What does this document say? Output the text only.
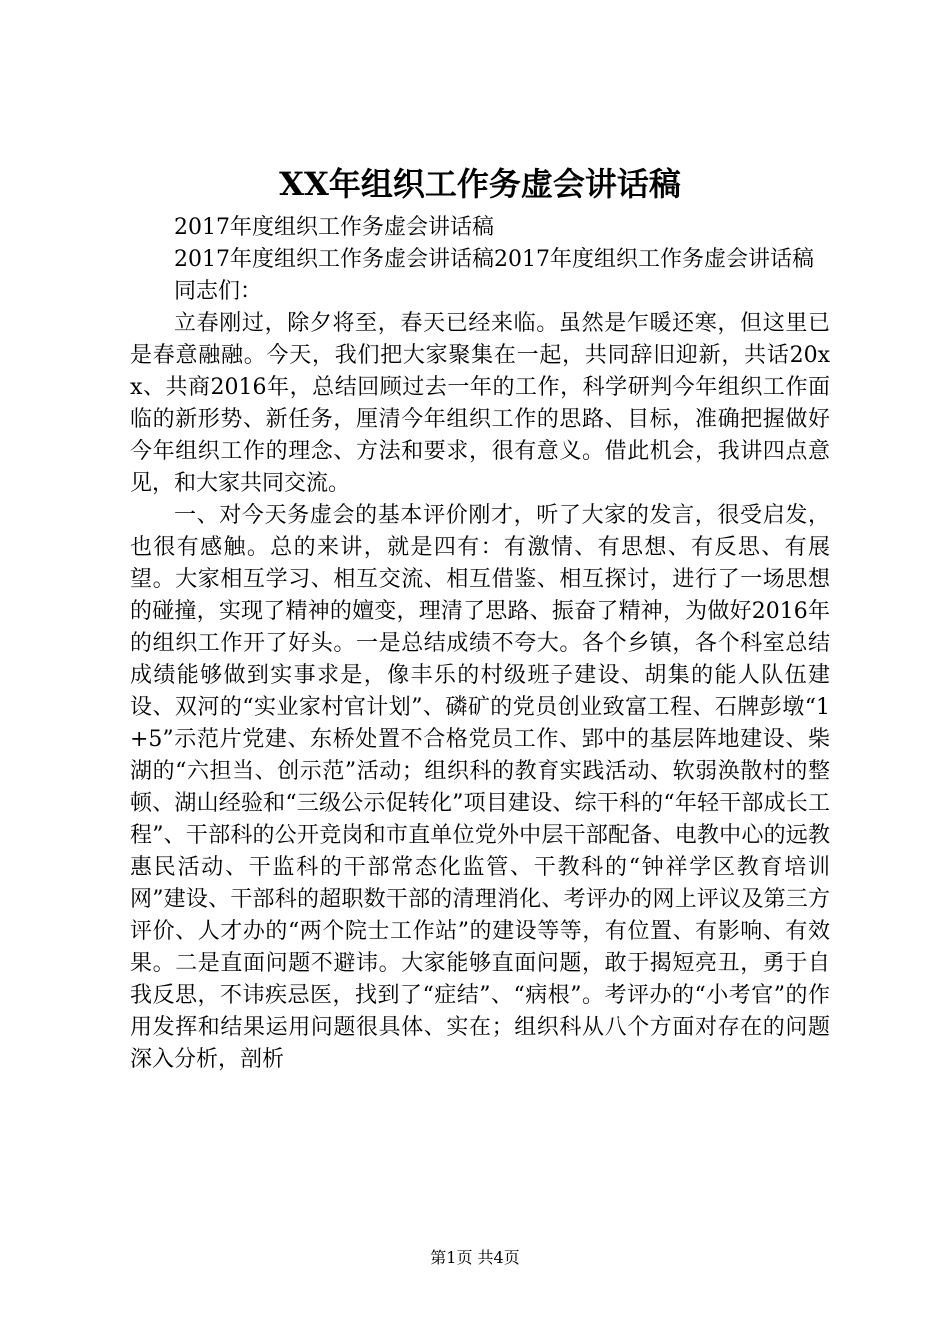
XX年组织工作务虚会讲话稿

2017年度组织工作务虚会讲话稿

2017年度组织工作务虚会讲话稿2017年度组织工作务虚会讲话稿

同志们：

立春刚过，除夕将至，春天已经来临。虽然是乍暖还寒，但这里已是春意融融。今天，我们把大家聚集在一起，共同辞旧迎新，共话20xx、共商2016年，总结回顾过去一年的工作，科学研判今年组织工作面临的新形势、新任务，厘清今年组织工作的思路、目标，准确把握做好今年组织工作的理念、方法和要求，很有意义。借此机会，我讲四点意见，和大家共同交流。

一、对今天务虚会的基本评价刚才，听了大家的发言，很受启发，也很有感触。总的来讲，就是四有：有激情、有思想、有反思、有展望。大家相互学习、相互交流、相互借鉴、相互探讨，进行了一场思想的碰撞，实现了精神的嬗变，理清了思路、振奋了精神，为做好2016年的组织工作开了好头。一是总结成绩不夸大。各个乡镇，各个科室总结成绩能够做到实事求是，像丰乐的村级班子建设、胡集的能人队伍建设、双河的“实业家村官计划”、磷矿的党员创业致富工程、石牌彭墩“1+5”示范片党建、东桥处置不合格党员工作、郢中的基层阵地建设、柴湖的“六担当、创示范”活动；组织科的教育实践活动、软弱涣散村的整顿、湖山经验和“三级公示促转化”项目建设、综干科的“年轻干部成长工程”、干部科的公开竞岗和市直单位党外中层干部配备、电教中心的远教惠民活动、干监科的干部常态化监管、干教科的“钟祥学区教育培训网”建设、干部科的超职数干部的清理消化、考评办的网上评议及第三方评价、人才办的“两个院士工作站”的建设等等，有位置、有影响、有效果。二是直面问题不避讳。大家能够直面问题，敢于揭短亮丑，勇于自我反思，不讳疾忌医，找到了“症结”、“病根”。考评办的“小考官”的作用发挥和结果运用问题很具体、实在；组织科从八个方面对存在的问题深入分析，剖析

第1页 共4页
